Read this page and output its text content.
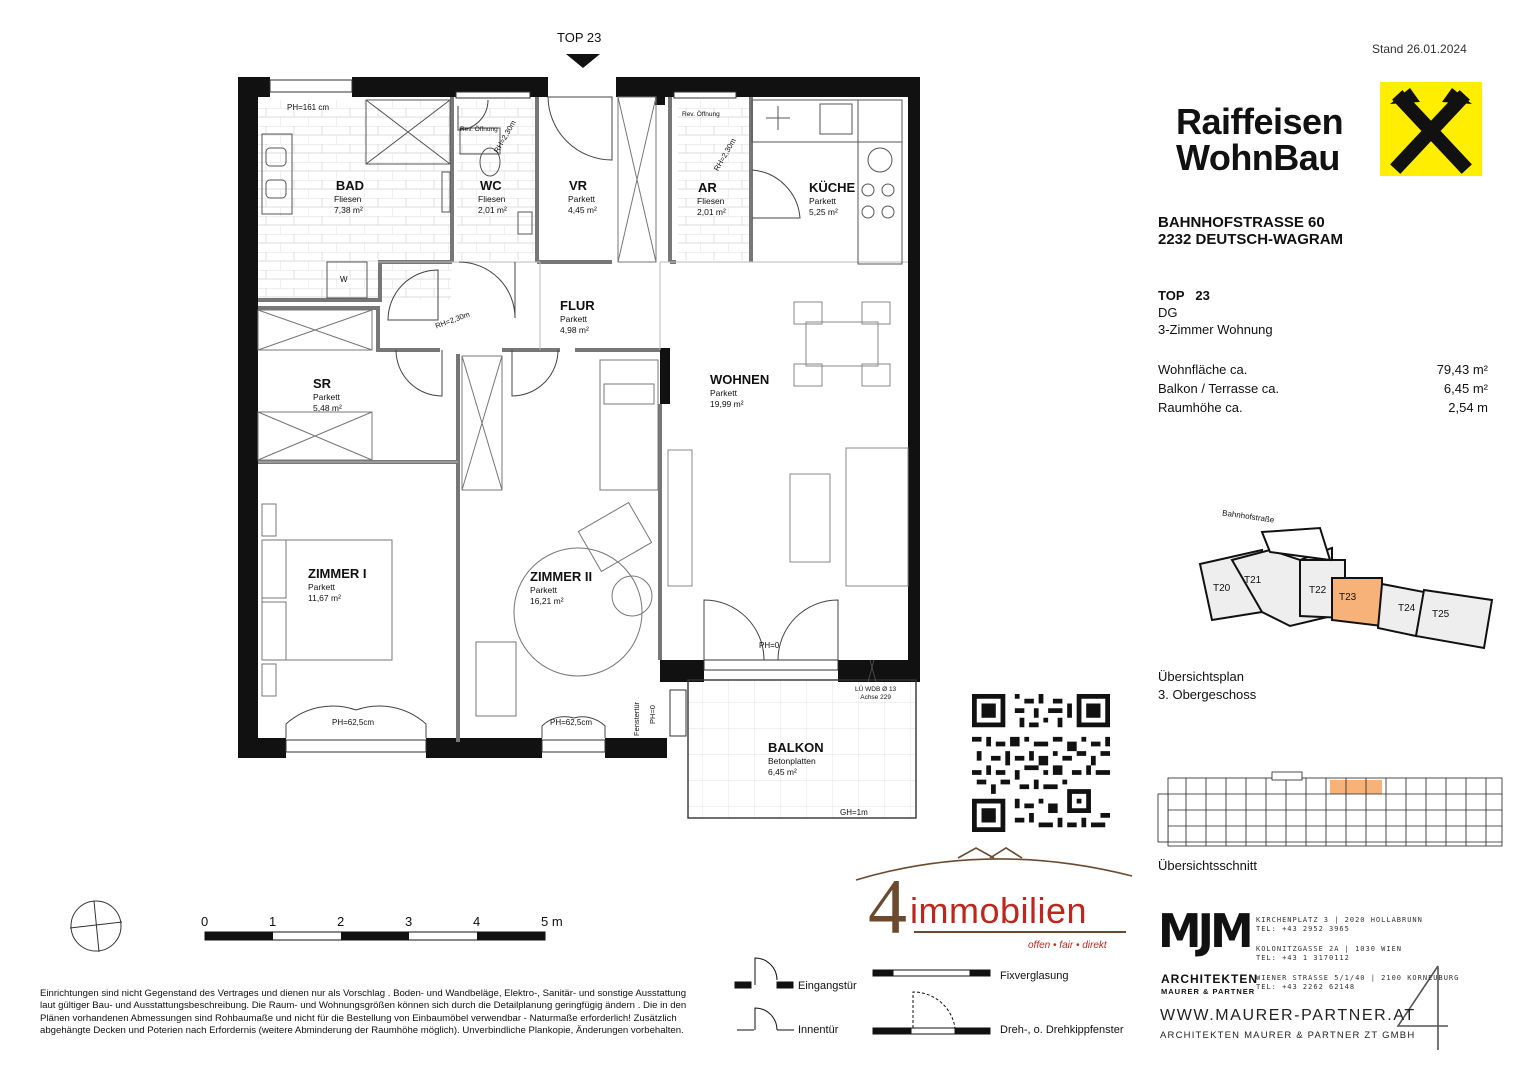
TOP 23
BAD
Fliesen
7,38 m²
WC
Fliesen
2,01 m²
VR
Parkett
4,45 m²
AR
Fliesen
2,01 m²
KÜCHE
Parkett
5,25 m²
FLUR
Parkett
4,98 m²
WOHNEN
Parkett
19,99 m²
SR
Parkett
5,48 m²
ZIMMER I
Parkett
11,67 m²
ZIMMER II
Parkett
16,21 m²
BALKON
Betonplatten
6,45 m²
PH=161 cm
Rev. Öffnung
Rev. Öffnung
RH=2,30m
RH=2,30m
RH=2,30m
W
PH=0
PH=62,5cm	PH=62,5cm	Fenstertür PH=0
LÜ WDB Ø 13
Achse 229
GH=1m
0	1	2	3	4	5 m
Einrichtungen sind nicht Gegenstand des Vertrages und dienen nur als Vorschlag . Boden- und Wandbeläge, Elektro-, Sanitär- und sonstige Ausstattung laut gültiger Bau- und Ausstattungsbeschreibung. Die Raum- und Wohnungsgrößen können sich durch die Detailplanung geringfügig ändern . Die in den Plänen vorhandenen Abmessungen sind Rohbaumaße und nicht für die Bestellung von Einbaumöbel verwendbar - Naturmaße erforderlich! Zusätzlich abgehängte Decken und Poterien nach Erfordernis (weitere Abminderung der Raumhöhe möglich). Unverbindliche Plankopie, Änderungen vorbehalten.
Stand 26.01.2024
Raiffeisen
WohnBau
BAHNHOFSTRASSE 60
2232 DEUTSCH-WAGRAM
TOP 23
DG
3-Zimmer Wohnung
Wohnfläche ca.	79,43 m²
Balkon / Terrasse ca.	6,45 m²
Raumhöhe ca.	2,54 m
Bahnhofstraße
T20
T21
T22
T23
T24
T25
Übersichtsplan
3. Obergeschoss
Übersichtsschnitt
4 immobilien
offen • fair • direkt
Eingangstür
Innentür
Fixverglasung
Dreh-, o. Drehkippfenster
MJM
ARCHITEKTEN
MAURER & PARTNER
KIRCHENPLATZ 3 | 2020 HOLLABRUNN
TEL: +43 2952 3965
KOLONITZGASSE 2A | 1030 WIEN
TEL: +43 1 3170112
WIENER STRASSE 5/1/40 | 2100 KORNEUBURG
TEL: +43 2262 62148
WWW.MAURER-PARTNER.AT
ARCHITEKTEN MAURER & PARTNER ZT GMBH
